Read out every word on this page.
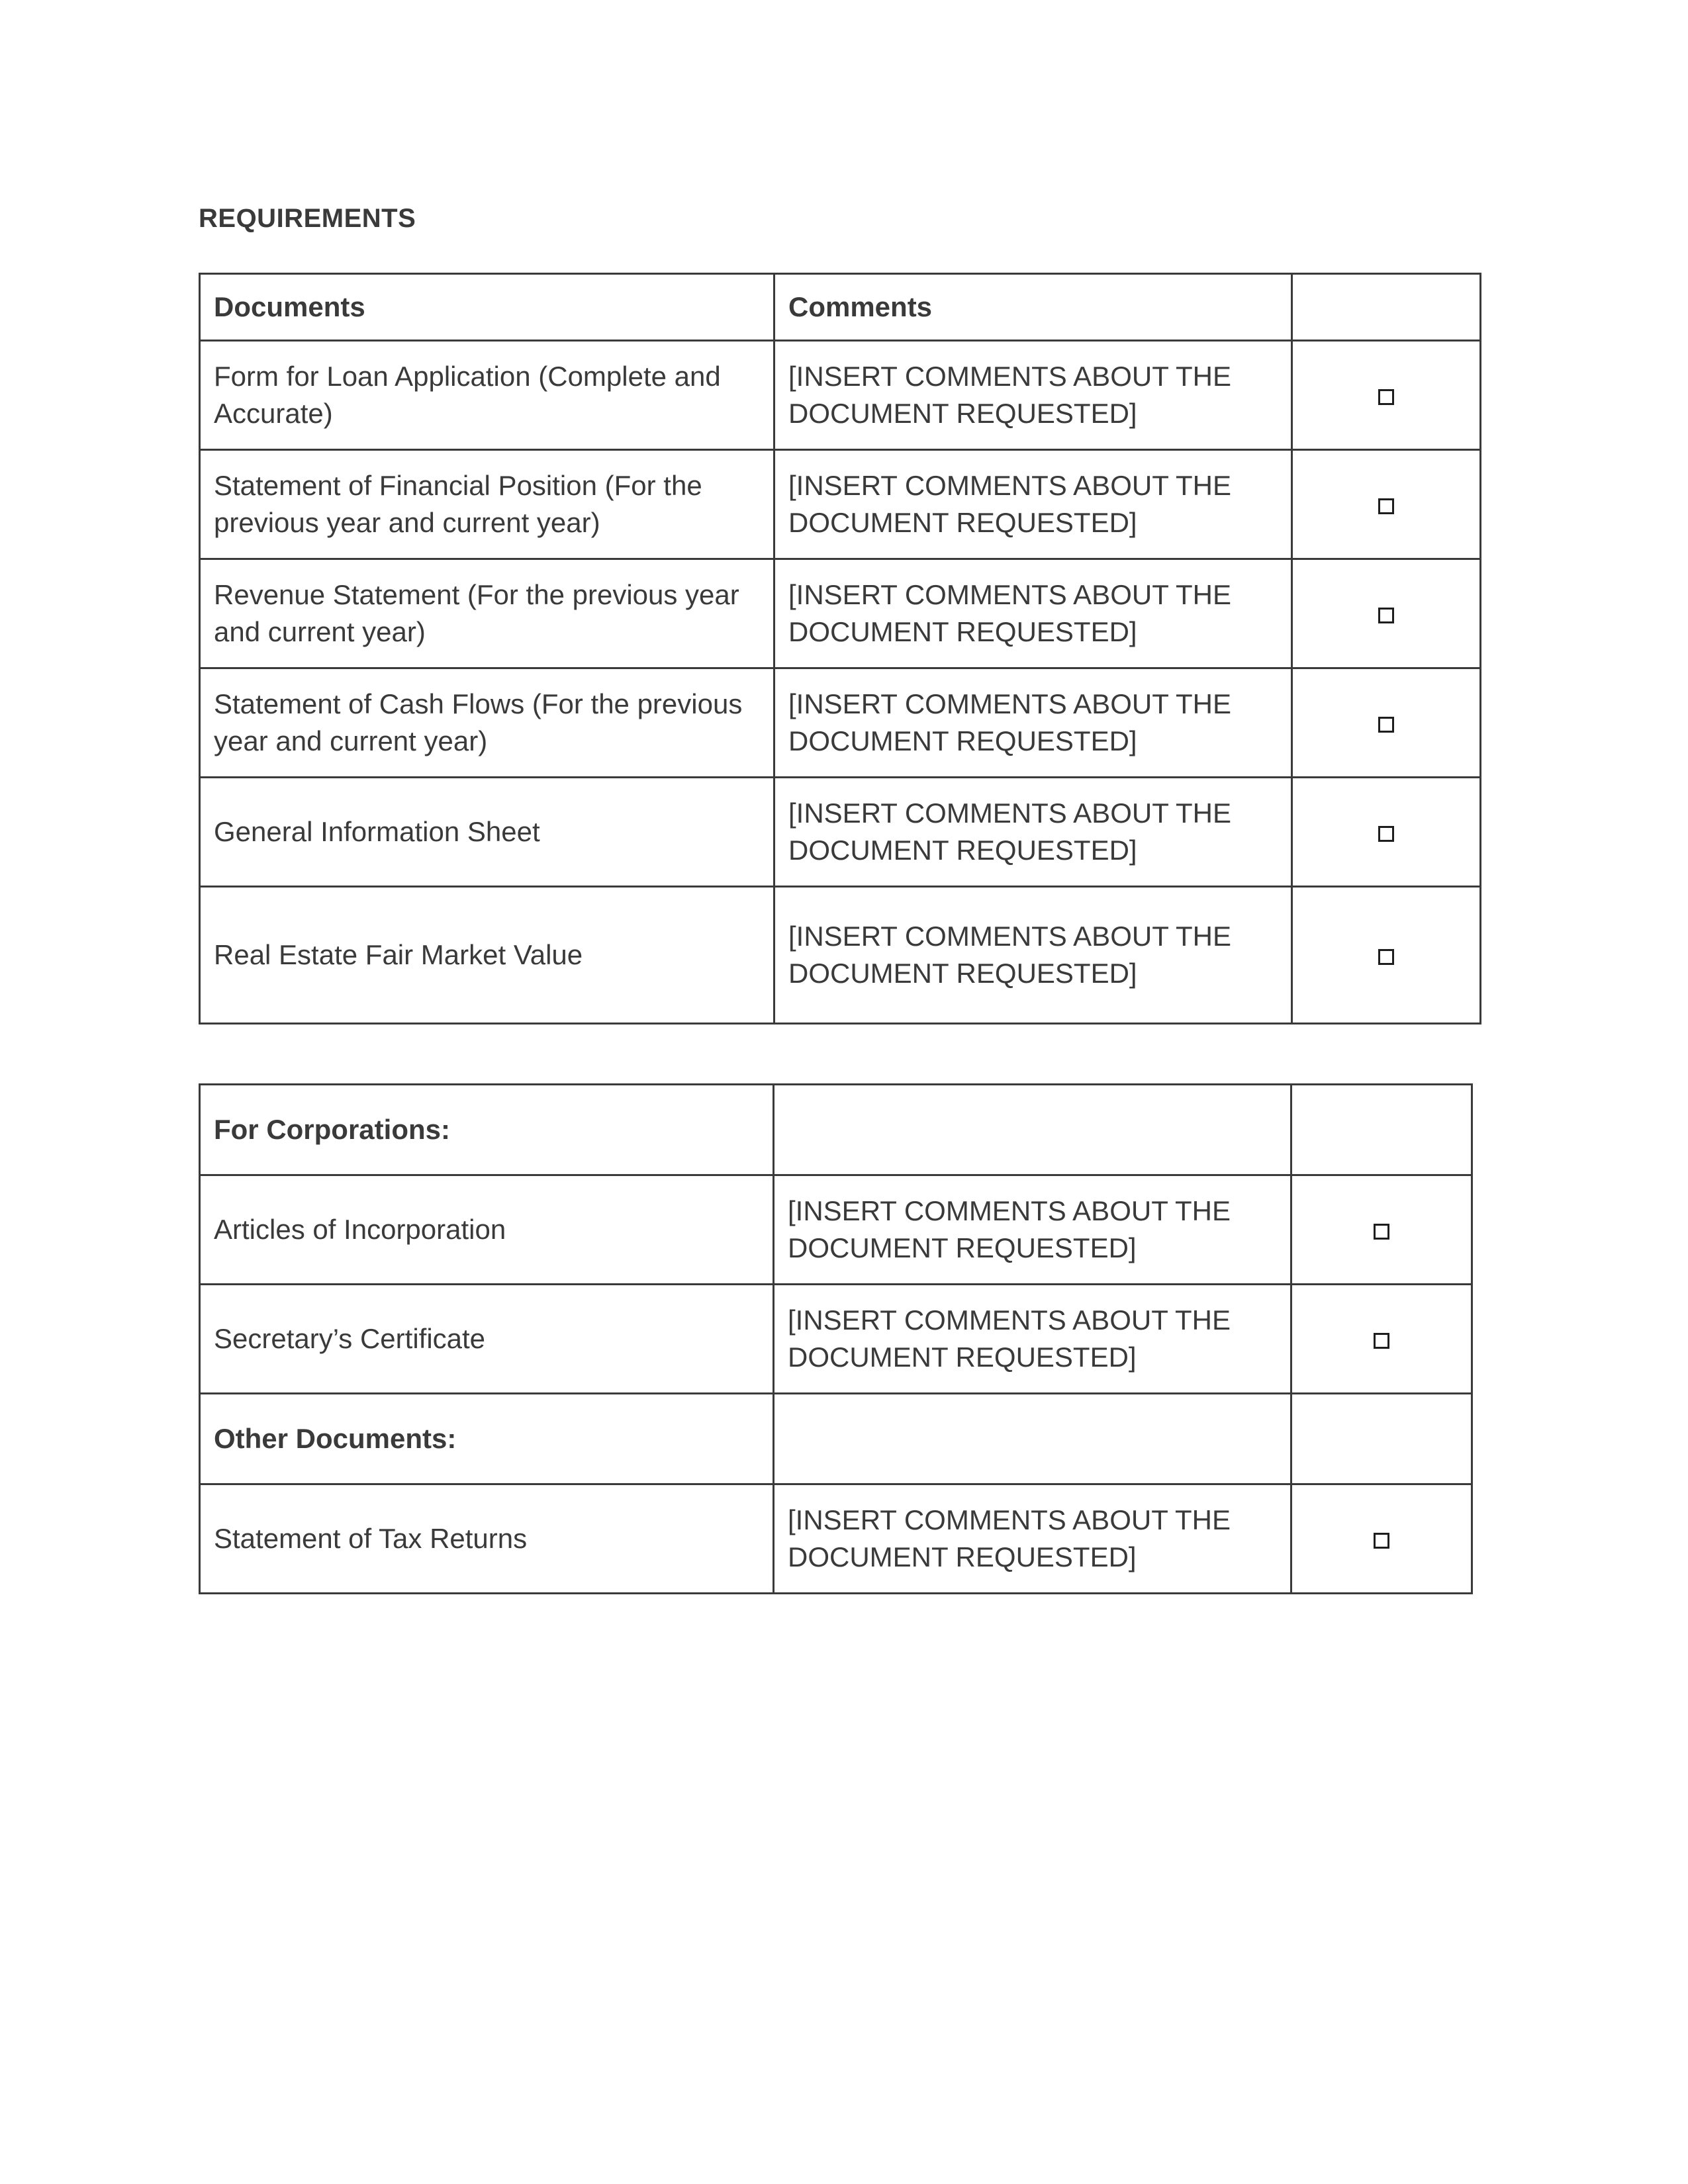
REQUIREMENTS
Documents	Comments	
Form for Loan Application (Complete and Accurate)	[INSERT COMMENTS ABOUT THE DOCUMENT REQUESTED]	
Statement of Financial Position (For the previous year and current year)	[INSERT COMMENTS ABOUT THE DOCUMENT REQUESTED]	
Revenue Statement (For the previous year and current year)	[INSERT COMMENTS ABOUT THE DOCUMENT REQUESTED]	
Statement of Cash Flows (For the previous year and current year)	[INSERT COMMENTS ABOUT THE DOCUMENT REQUESTED]	
General Information Sheet	[INSERT COMMENTS ABOUT THE DOCUMENT REQUESTED]	
Real Estate Fair Market Value	[INSERT COMMENTS ABOUT THE DOCUMENT REQUESTED]	
For Corporations:		
Articles of Incorporation	[INSERT COMMENTS ABOUT THE DOCUMENT REQUESTED]	
Secretary’s Certificate	[INSERT COMMENTS ABOUT THE DOCUMENT REQUESTED]	
Other Documents:		
Statement of Tax Returns	[INSERT COMMENTS ABOUT THE DOCUMENT REQUESTED]	
